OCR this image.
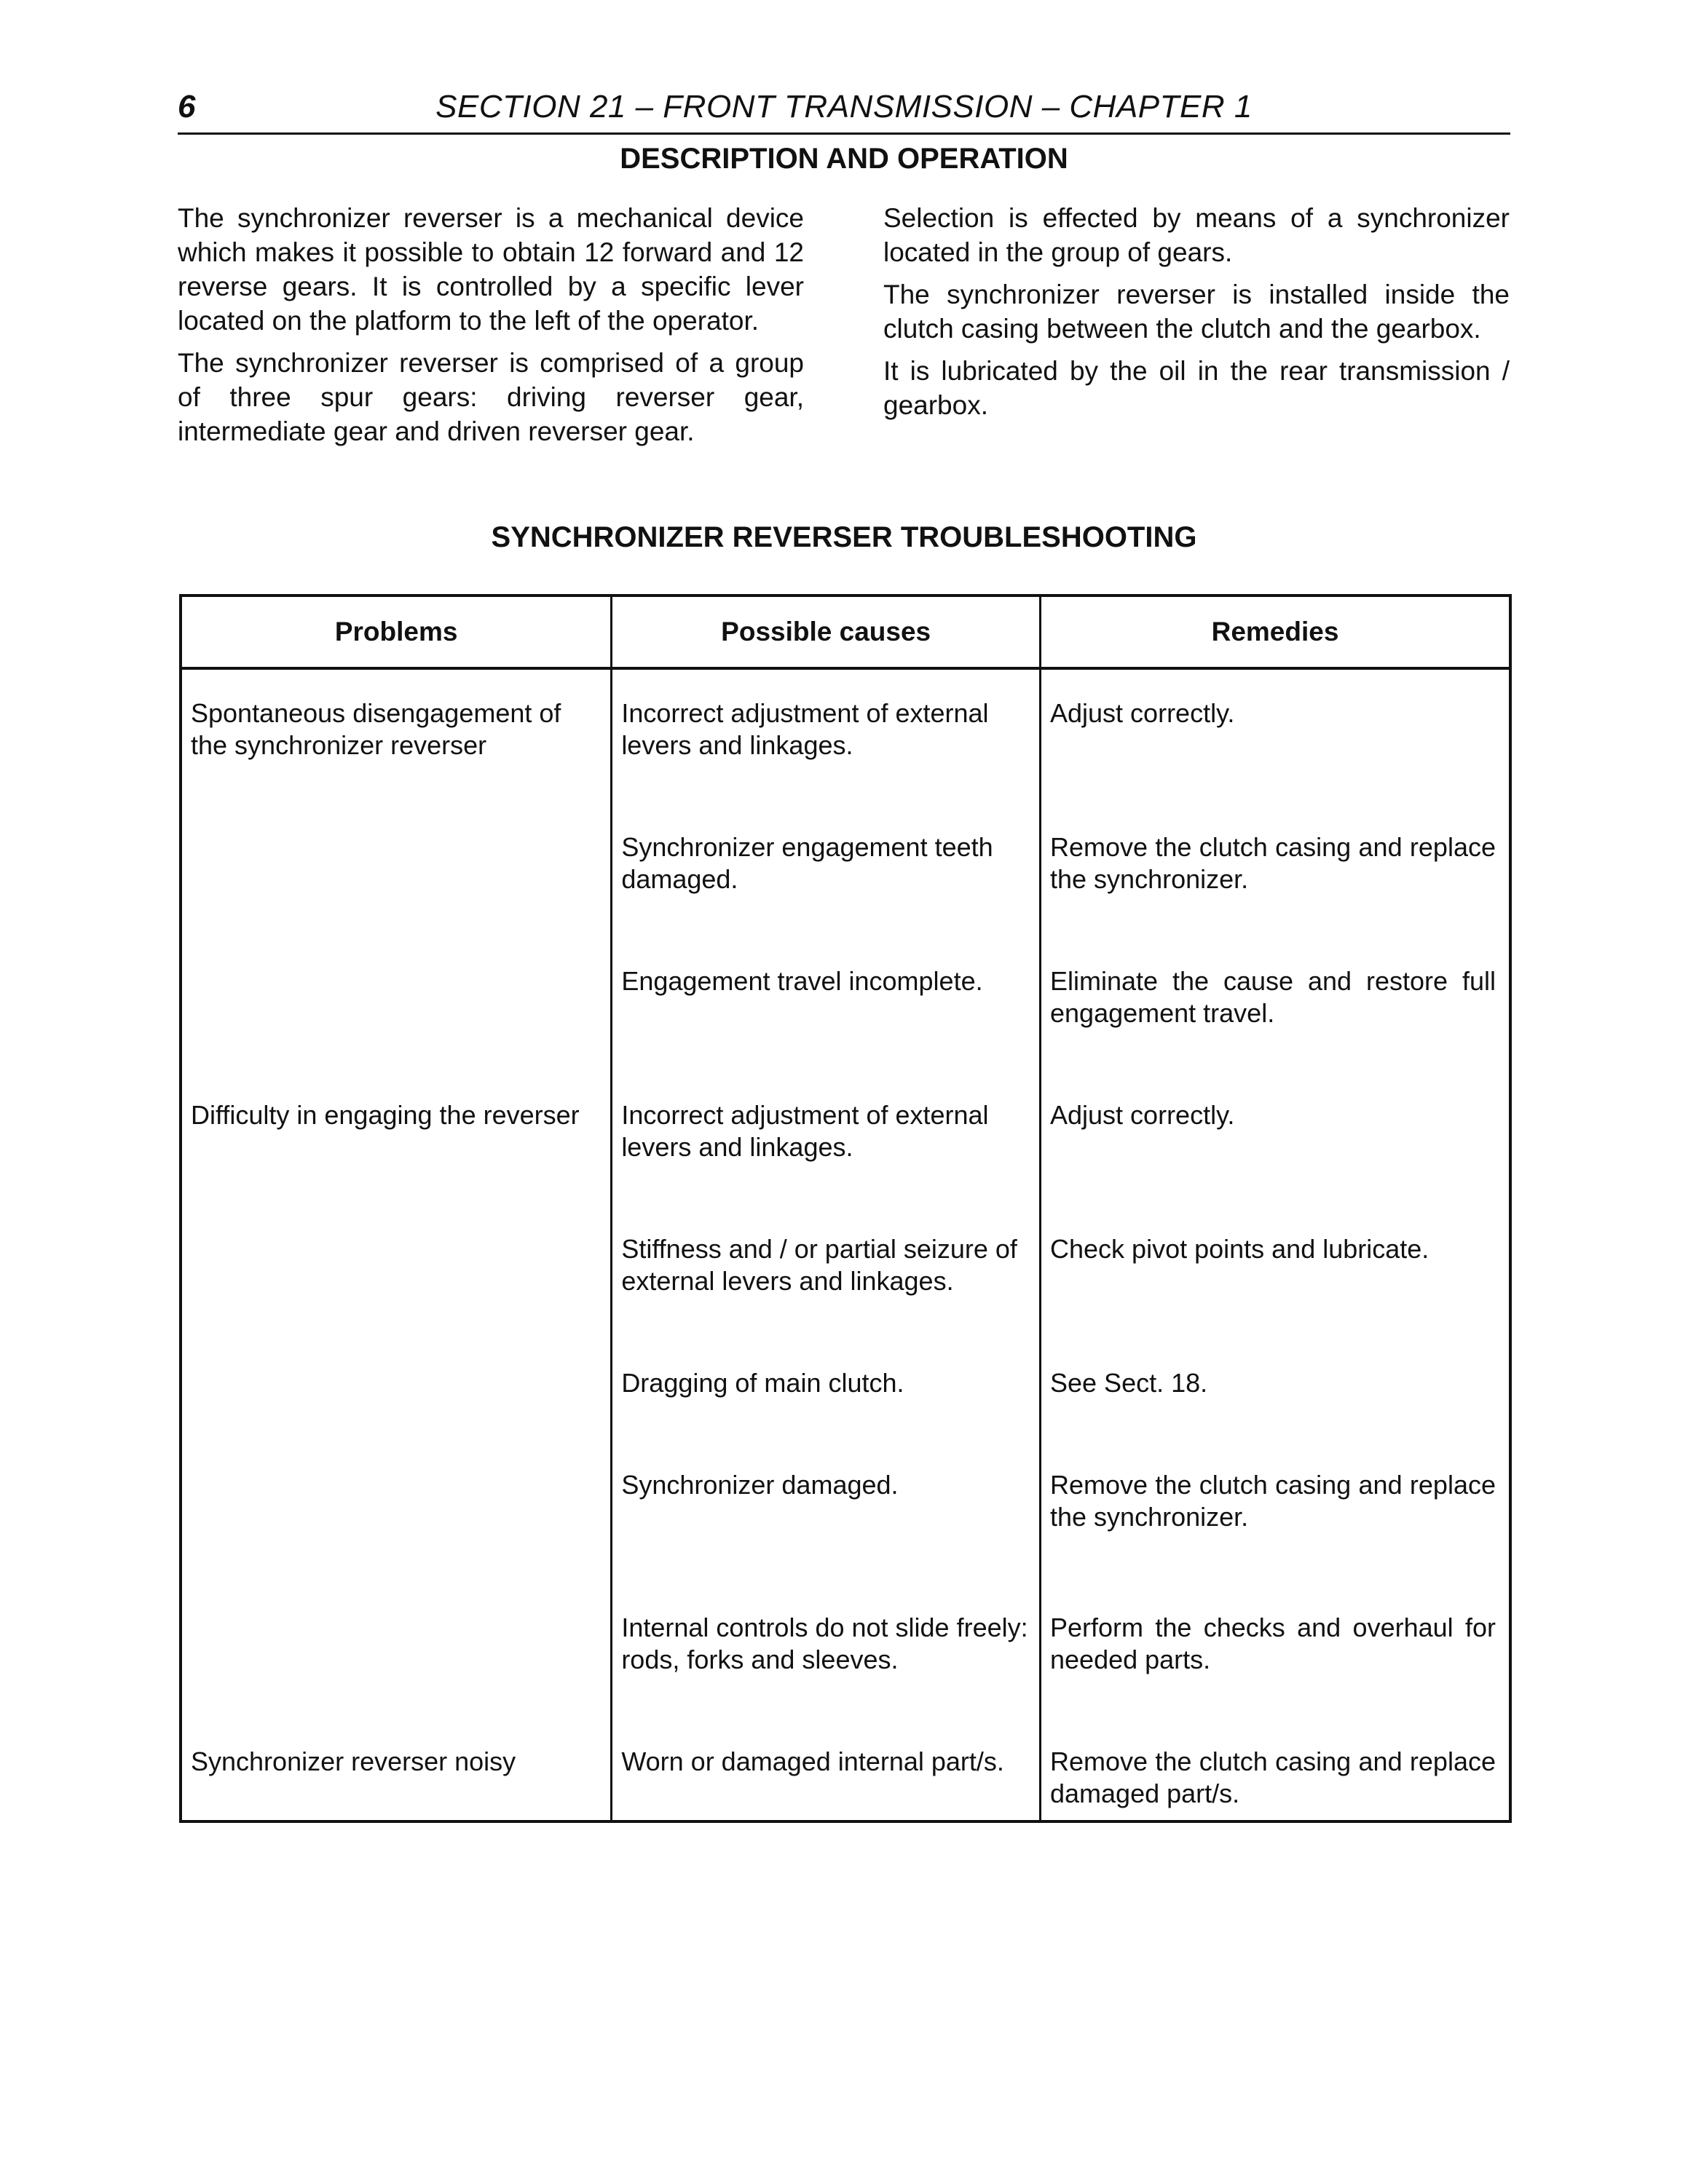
6	SECTION 21 – FRONT TRANSMISSION – CHAPTER 1
DESCRIPTION AND OPERATION

The synchronizer reverser is a mechanical device which makes it possible to obtain 12 forward and 12 reverse gears. It is controlled by a specific lever located on the platform to the left of the operator.

The synchronizer reverser is comprised of a group of three spur gears: driving reverser gear, intermediate gear and driven reverser gear.

Selection is effected by means of a synchronizer located in the group of gears.

The synchronizer reverser is installed inside the clutch casing between the clutch and the gearbox.

It is lubricated by the oil in the rear transmission / gearbox.

SYNCHRONIZER REVERSER TROUBLESHOOTING
Problems	Possible causes	Remedies
Spontaneous disengagement of the synchronizer reverser	Incorrect adjustment of external levers and linkages.	Adjust correctly.
	Synchronizer engagement teeth damaged.	Remove the clutch casing and replace the synchronizer.
	Engagement travel incomplete.	Eliminate the cause and restore full engagement travel.
Difficulty in engaging the reverser	Incorrect adjustment of external levers and linkages.	Adjust correctly.
	Stiffness and / or partial seizure of external levers and linkages.	Check pivot points and lubricate.
	Dragging of main clutch.	See Sect. 18.
	Synchronizer damaged.	Remove the clutch casing and replace the synchronizer.
	Internal controls do not slide freely: rods, forks and sleeves.	Perform the checks and overhaul for needed parts.
Synchronizer reverser noisy	Worn or damaged internal part/s.	Remove the clutch casing and replace damaged part/s.
